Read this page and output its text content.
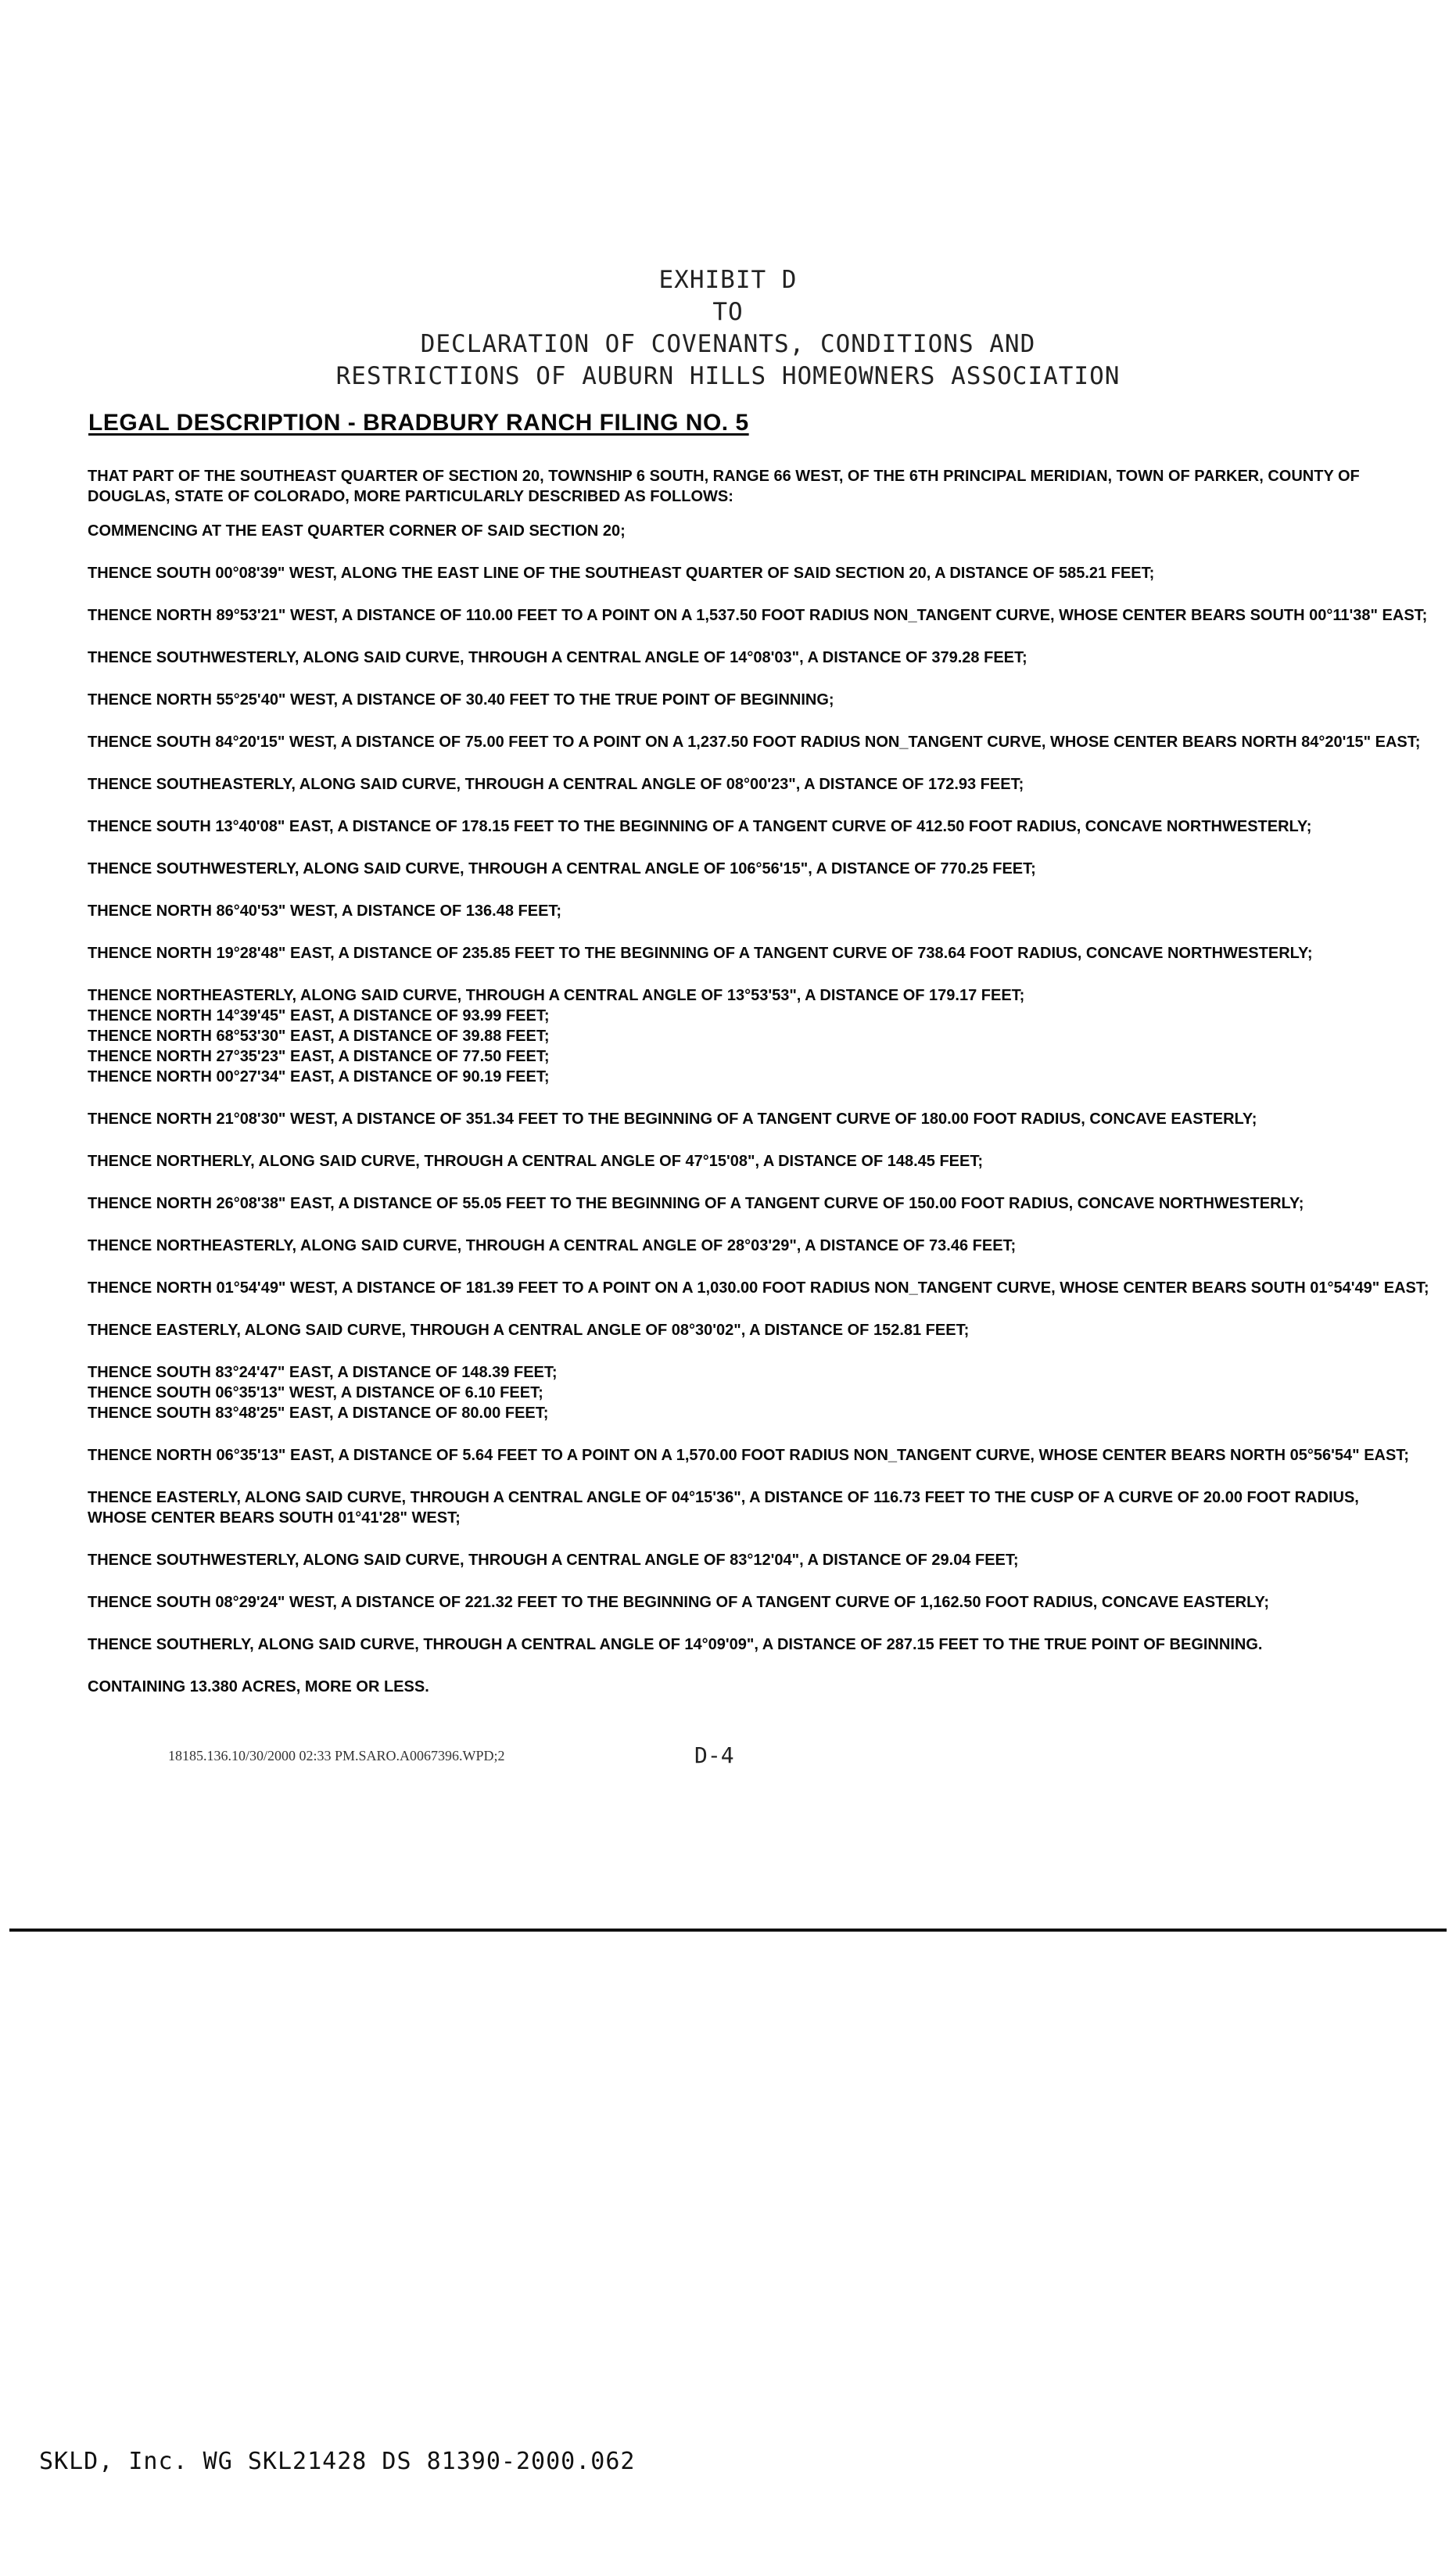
EXHIBIT D
TO
DECLARATION OF COVENANTS, CONDITIONS AND
RESTRICTIONS OF AUBURN HILLS HOMEOWNERS ASSOCIATION
LEGAL DESCRIPTION - BRADBURY RANCH FILING NO. 5

THAT PART OF THE SOUTHEAST QUARTER OF SECTION 20, TOWNSHIP 6 SOUTH, RANGE 66 WEST, OF THE 6TH PRINCIPAL MERIDIAN, TOWN OF PARKER, COUNTY OF DOUGLAS, STATE OF COLORADO, MORE PARTICULARLY DESCRIBED AS FOLLOWS:

COMMENCING AT THE EAST QUARTER CORNER OF SAID SECTION 20;

THENCE SOUTH 00°08'39" WEST, ALONG THE EAST LINE OF THE SOUTHEAST QUARTER OF SAID SECTION 20, A DISTANCE OF 585.21 FEET;

THENCE NORTH 89°53'21" WEST, A DISTANCE OF 110.00 FEET TO A POINT ON A 1,537.50 FOOT RADIUS NON_TANGENT CURVE, WHOSE CENTER BEARS SOUTH 00°11'38" EAST;

THENCE SOUTHWESTERLY, ALONG SAID CURVE, THROUGH A CENTRAL ANGLE OF 14°08'03", A DISTANCE OF 379.28 FEET;

THENCE NORTH 55°25'40" WEST, A DISTANCE OF 30.40 FEET TO THE TRUE POINT OF BEGINNING;

THENCE SOUTH 84°20'15" WEST, A DISTANCE OF 75.00 FEET TO A POINT ON A 1,237.50 FOOT RADIUS NON_TANGENT CURVE, WHOSE CENTER BEARS NORTH 84°20'15" EAST;

THENCE SOUTHEASTERLY, ALONG SAID CURVE, THROUGH A CENTRAL ANGLE OF 08°00'23", A DISTANCE OF 172.93 FEET;

THENCE SOUTH 13°40'08" EAST, A DISTANCE OF 178.15 FEET TO THE BEGINNING OF A TANGENT CURVE OF 412.50 FOOT RADIUS, CONCAVE NORTHWESTERLY;

THENCE SOUTHWESTERLY, ALONG SAID CURVE, THROUGH A CENTRAL ANGLE OF 106°56'15", A DISTANCE OF 770.25 FEET;

THENCE NORTH 86°40'53" WEST, A DISTANCE OF 136.48 FEET;

THENCE NORTH 19°28'48" EAST, A DISTANCE OF 235.85 FEET TO THE BEGINNING OF A TANGENT CURVE OF 738.64 FOOT RADIUS, CONCAVE NORTHWESTERLY;

THENCE NORTHEASTERLY, ALONG SAID CURVE, THROUGH A CENTRAL ANGLE OF 13°53'53", A DISTANCE OF 179.17 FEET;

THENCE NORTH 14°39'45" EAST, A DISTANCE OF 93.99 FEET;

THENCE NORTH 68°53'30" EAST, A DISTANCE OF 39.88 FEET;

THENCE NORTH 27°35'23" EAST, A DISTANCE OF 77.50 FEET;

THENCE NORTH 00°27'34" EAST, A DISTANCE OF 90.19 FEET;

THENCE NORTH 21°08'30" WEST, A DISTANCE OF 351.34 FEET TO THE BEGINNING OF A TANGENT CURVE OF 180.00 FOOT RADIUS, CONCAVE EASTERLY;

THENCE NORTHERLY, ALONG SAID CURVE, THROUGH A CENTRAL ANGLE OF 47°15'08", A DISTANCE OF 148.45 FEET;

THENCE NORTH 26°08'38" EAST, A DISTANCE OF 55.05 FEET TO THE BEGINNING OF A TANGENT CURVE OF 150.00 FOOT RADIUS, CONCAVE NORTHWESTERLY;

THENCE NORTHEASTERLY, ALONG SAID CURVE, THROUGH A CENTRAL ANGLE OF 28°03'29", A DISTANCE OF 73.46 FEET;

THENCE NORTH 01°54'49" WEST, A DISTANCE OF 181.39 FEET TO A POINT ON A 1,030.00 FOOT RADIUS NON_TANGENT CURVE, WHOSE CENTER BEARS SOUTH 01°54'49" EAST;

THENCE EASTERLY, ALONG SAID CURVE, THROUGH A CENTRAL ANGLE OF 08°30'02", A DISTANCE OF 152.81 FEET;

THENCE SOUTH 83°24'47" EAST, A DISTANCE OF 148.39 FEET;

THENCE SOUTH 06°35'13" WEST, A DISTANCE OF 6.10 FEET;

THENCE SOUTH 83°48'25" EAST, A DISTANCE OF 80.00 FEET;

THENCE NORTH 06°35'13" EAST, A DISTANCE OF 5.64 FEET TO A POINT ON A 1,570.00 FOOT RADIUS NON_TANGENT CURVE, WHOSE CENTER BEARS NORTH 05°56'54" EAST;

THENCE EASTERLY, ALONG SAID CURVE, THROUGH A CENTRAL ANGLE OF 04°15'36", A DISTANCE OF 116.73 FEET TO THE CUSP OF A CURVE OF 20.00 FOOT RADIUS, WHOSE CENTER BEARS SOUTH 01°41'28" WEST;

THENCE SOUTHWESTERLY, ALONG SAID CURVE, THROUGH A CENTRAL ANGLE OF 83°12'04", A DISTANCE OF 29.04 FEET;

THENCE SOUTH 08°29'24" WEST, A DISTANCE OF 221.32 FEET TO THE BEGINNING OF A TANGENT CURVE OF 1,162.50 FOOT RADIUS, CONCAVE EASTERLY;

THENCE SOUTHERLY, ALONG SAID CURVE, THROUGH A CENTRAL ANGLE OF 14°09'09", A DISTANCE OF 287.15 FEET TO THE TRUE POINT OF BEGINNING.

CONTAINING 13.380 ACRES, MORE OR LESS.

18185.136.10/30/2000 02:33 PM.SARO.A0067396.WPD;2	D-4
SKLD, Inc. WG SKL21428 DS 81390-2000.062
